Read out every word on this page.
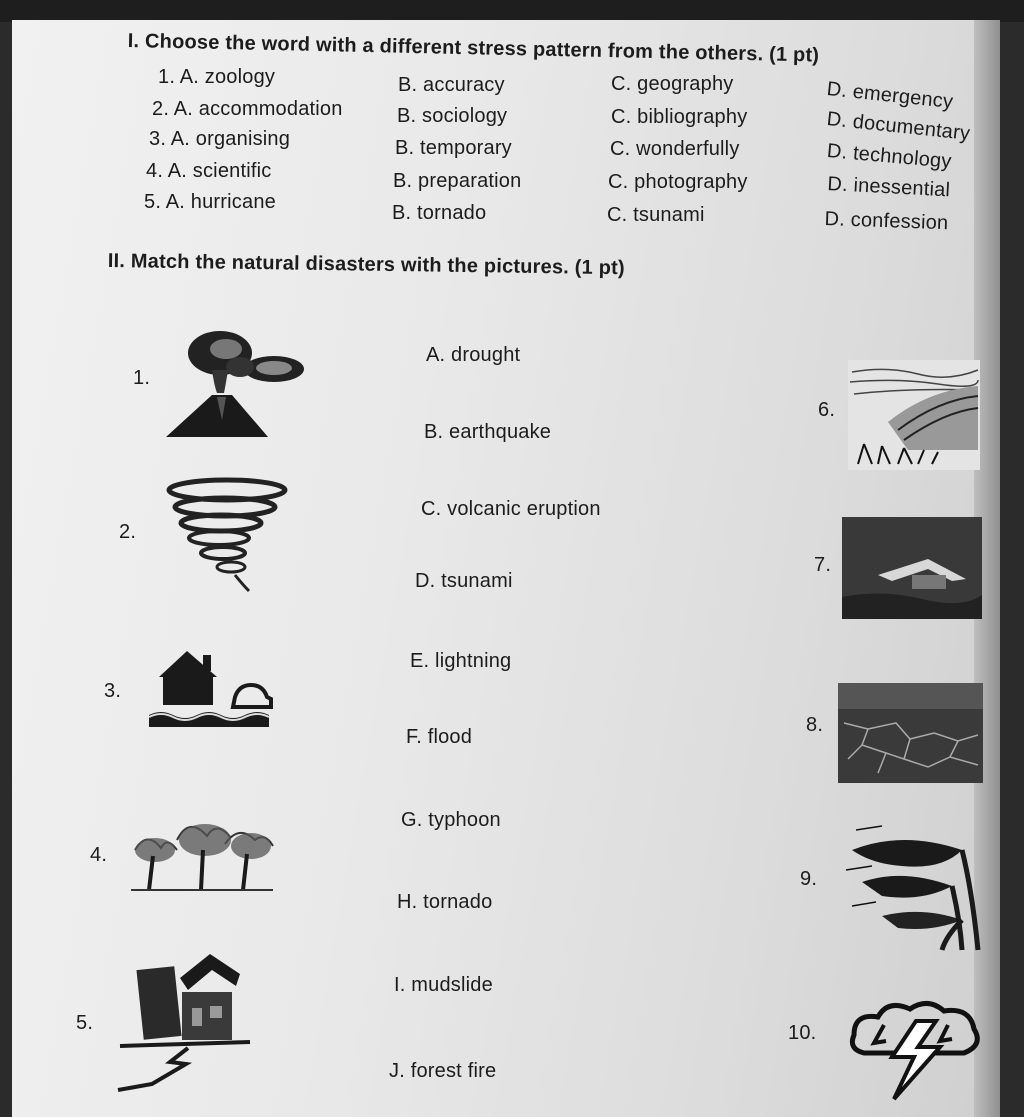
I. Choose the word with a different stress pattern from the others. (1 pt)
1. A. zoology	B. accuracy	C. geography	D. emergency
2. A. accommodation	B. sociology	C. bibliography	D. documentary
3. A. organising	B. temporary	C. wonderfully	D. technology
4. A. scientific	B. preparation	C. photography	D. inessential
5. A. hurricane	B. tornado	C. tsunami	D. confession
II. Match the natural disasters with the pictures. (1 pt)
A. drought
B. earthquake
C. volcanic eruption
D. tsunami
E. lightning
F. flood
G. typhoon
H. tornado
I. mudslide
J. forest fire
1.
2.
3.
4.
5.
6.
7.
8.
9.
10.
